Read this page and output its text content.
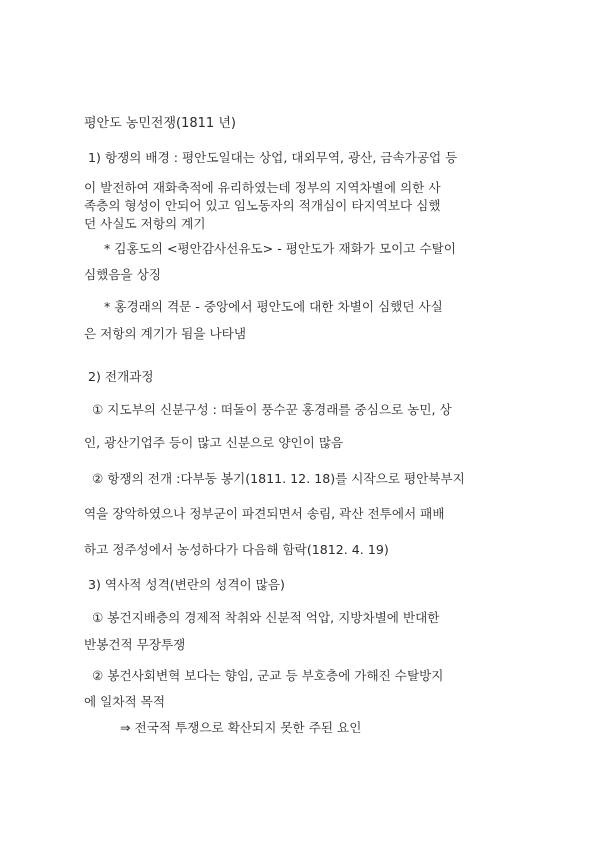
평안도 농민전쟁(1811 년)
1) 항쟁의 배경 : 평안도일대는 상업, 대외무역, 광산, 금속가공업 등
이 발전하여 재화축적에 유리하였는데 정부의 지역차별에 의한 사
족층의 형성이 안되어 있고 임노동자의 적개심이 타지역보다 심했
던 사실도 저항의 계기
* 김홍도의 <평안감사선유도> - 평안도가 재화가 모이고 수탈이
심했음을 상징
* 홍경래의 격문 - 중앙에서 평안도에 대한 차별이 심했던 사실
은 저항의 계기가 됨을 나타냄
2) 전개과정
① 지도부의 신분구성 : 떠돌이 풍수꾼 홍경래를 중심으로 농민, 상
인, 광산기업주 등이 많고 신분으로 양인이 많음
② 항쟁의 전개 :다부동 봉기(1811. 12. 18)를 시작으로 평안북부지
역을 장악하였으나 정부군이 파견되면서 송림, 곽산 전투에서 패배
하고 정주성에서 농성하다가 다음해 함락(1812. 4. 19)
3) 역사적 성격(변란의 성격이 많음)
① 봉건지배층의 경제적 착취와 신분적 억압, 지방차별에 반대한
반봉건적 무장투쟁
② 봉건사회변혁 보다는 향임, 군교 등 부호층에 가해진 수탈방지
에 일차적 목적
⇒ 전국적 투쟁으로 확산되지 못한 주된 요인
